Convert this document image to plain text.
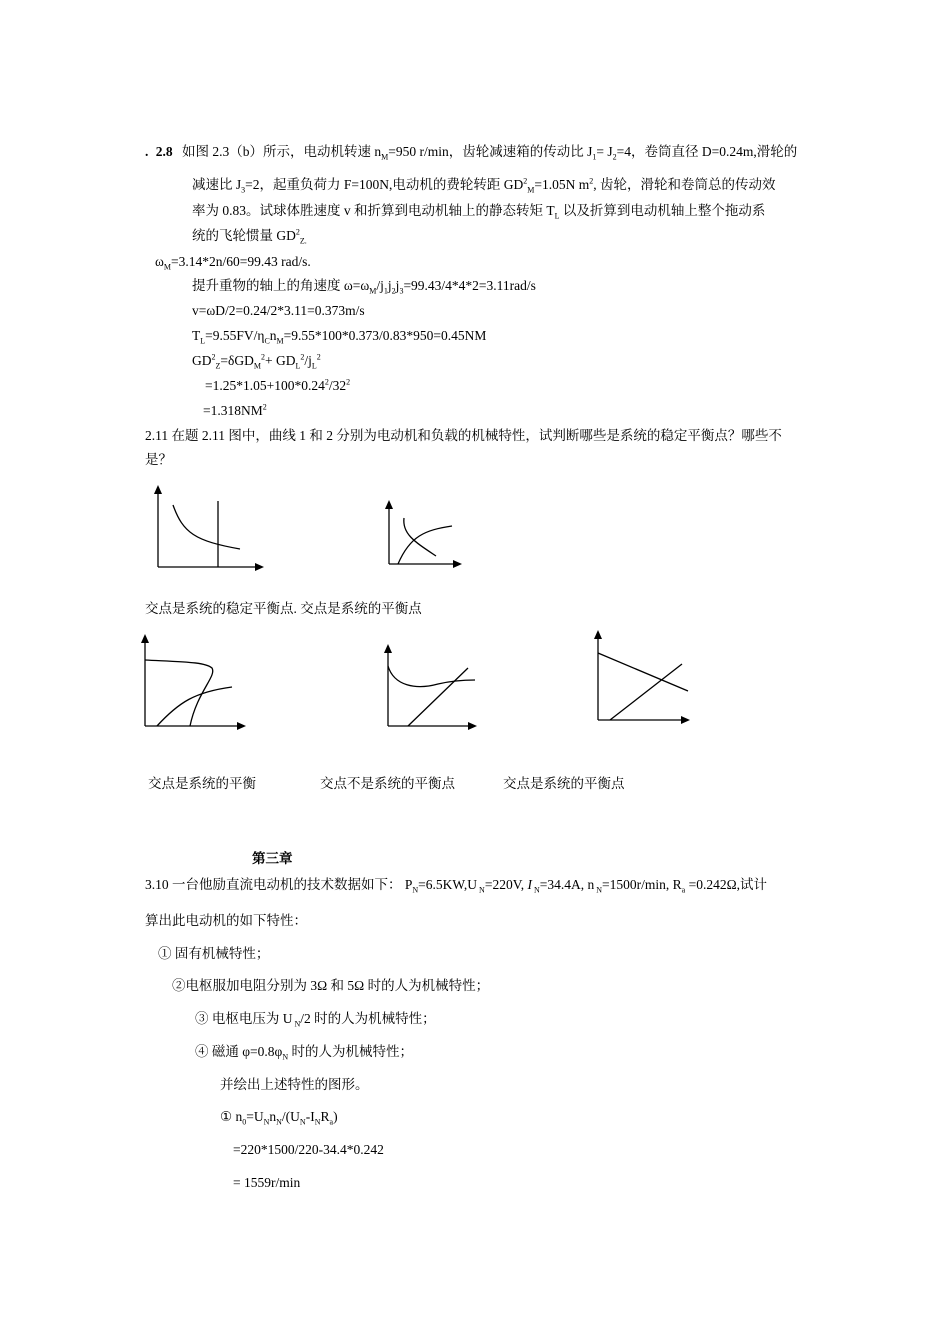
. 2.8 如图 2.3（b）所示，电动机转速 $n_M=950$ r/min，齿轮减速箱的传动比 $J_1= J_2=4$，卷筒直径 D=0.24m,滑轮的
减速比 $J_3=2$，起重负荷力 F=100N,电动机的费轮转距 $GD^2_M=1.05N$ $m^2$, 齿轮，滑轮和卷筒总的传动效
率为 0.83。试球体胜速度 v 和折算到电动机轴上的静态转矩 $T_L$ 以及折算到电动机轴上整个拖动系
统的飞轮惯量 $GD^2_{Z.}$
$\omega_M=3.14*2n/60=99.43$ rad/s.
提升重物的轴上的角速度 $\omega=\omega_M/j_1j_2j_3=99.43/4*4*2=3.11rad/s$
v=ωD/2=0.24/2*3.11=0.373m/s
$T_L=9.55FV/\eta_Cn_M=9.55*100*0.373/0.83*950=0.45NM$
$GD^2_Z=\delta GD_M^2+ GD_L^2/j_L^2$
$=1.25*1.05+100*0.24^2/32^2$
$=1.318NM^2$
2.11 在题 2.11 图中，曲线 1 和 2 分别为电动机和负载的机械特性，试判断哪些是系统的稳定平衡点？哪些不
是？
交点是系统的稳定平衡点. 交点是系统的平衡点
交点是系统的平衡	交点不是系统的平衡点	交点是系统的平衡点
第三章
3.10 一台他励直流电动机的技术数据如下： $P_N=6.5KW,U$ $_N$=220V, I $_N$=34.4A, n $_N$=1500r/min, $R_a =0.242\Omega$,试计
算出此电动机的如下特性：
① 固有机械特性；
②电枢服加电阻分别为 3Ω 和 5Ω 时的人为机械特性；
③ 电枢电压为 U $_N$/2 时的人为机械特性；
④ 磁通 $\varphi=0.8\varphi_N$ 时的人为机械特性；
并绘出上述特性的图形。
① $n_0=U_Nn_N/(U_N-I_NR_a)$
=220*1500/220-34.4*0.242
= 1559r/min
